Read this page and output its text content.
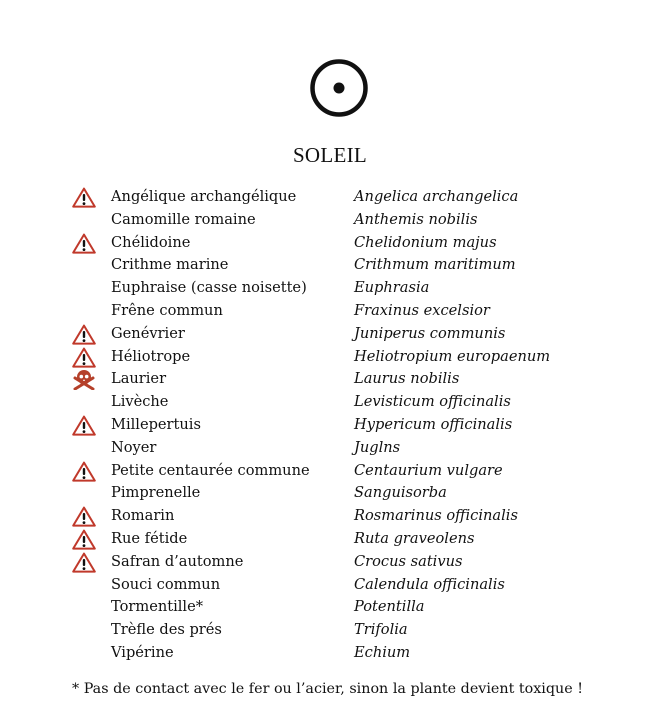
SOLEIL
Angélique archangélique	Angelica archangelica
Camomille romaine	Anthemis nobilis
Chélidoine	Chelidonium majus
Crithme marine	Crithmum maritimum
Euphraise (casse noisette)	Euphrasia
Frêne commun	Fraxinus excelsior
Genévrier	Juniperus communis
Héliotrope	Heliotropium europaenum
Laurier	Laurus nobilis
Livèche	Levisticum officinalis
Millepertuis	Hypericum officinalis
Noyer	Juglns
Petite centaurée commune	Centaurium vulgare
Pimprenelle	Sanguisorba
Romarin	Rosmarinus officinalis
Rue fétide	Ruta graveolens
Safran d’automne	Crocus sativus
Souci commun	Calendula officinalis
Tormentille*	Potentilla
Trèfle des prés	Trifolia
Vipérine	Echium
* Pas de contact avec le fer ou l’acier, sinon la plante devient toxique !
